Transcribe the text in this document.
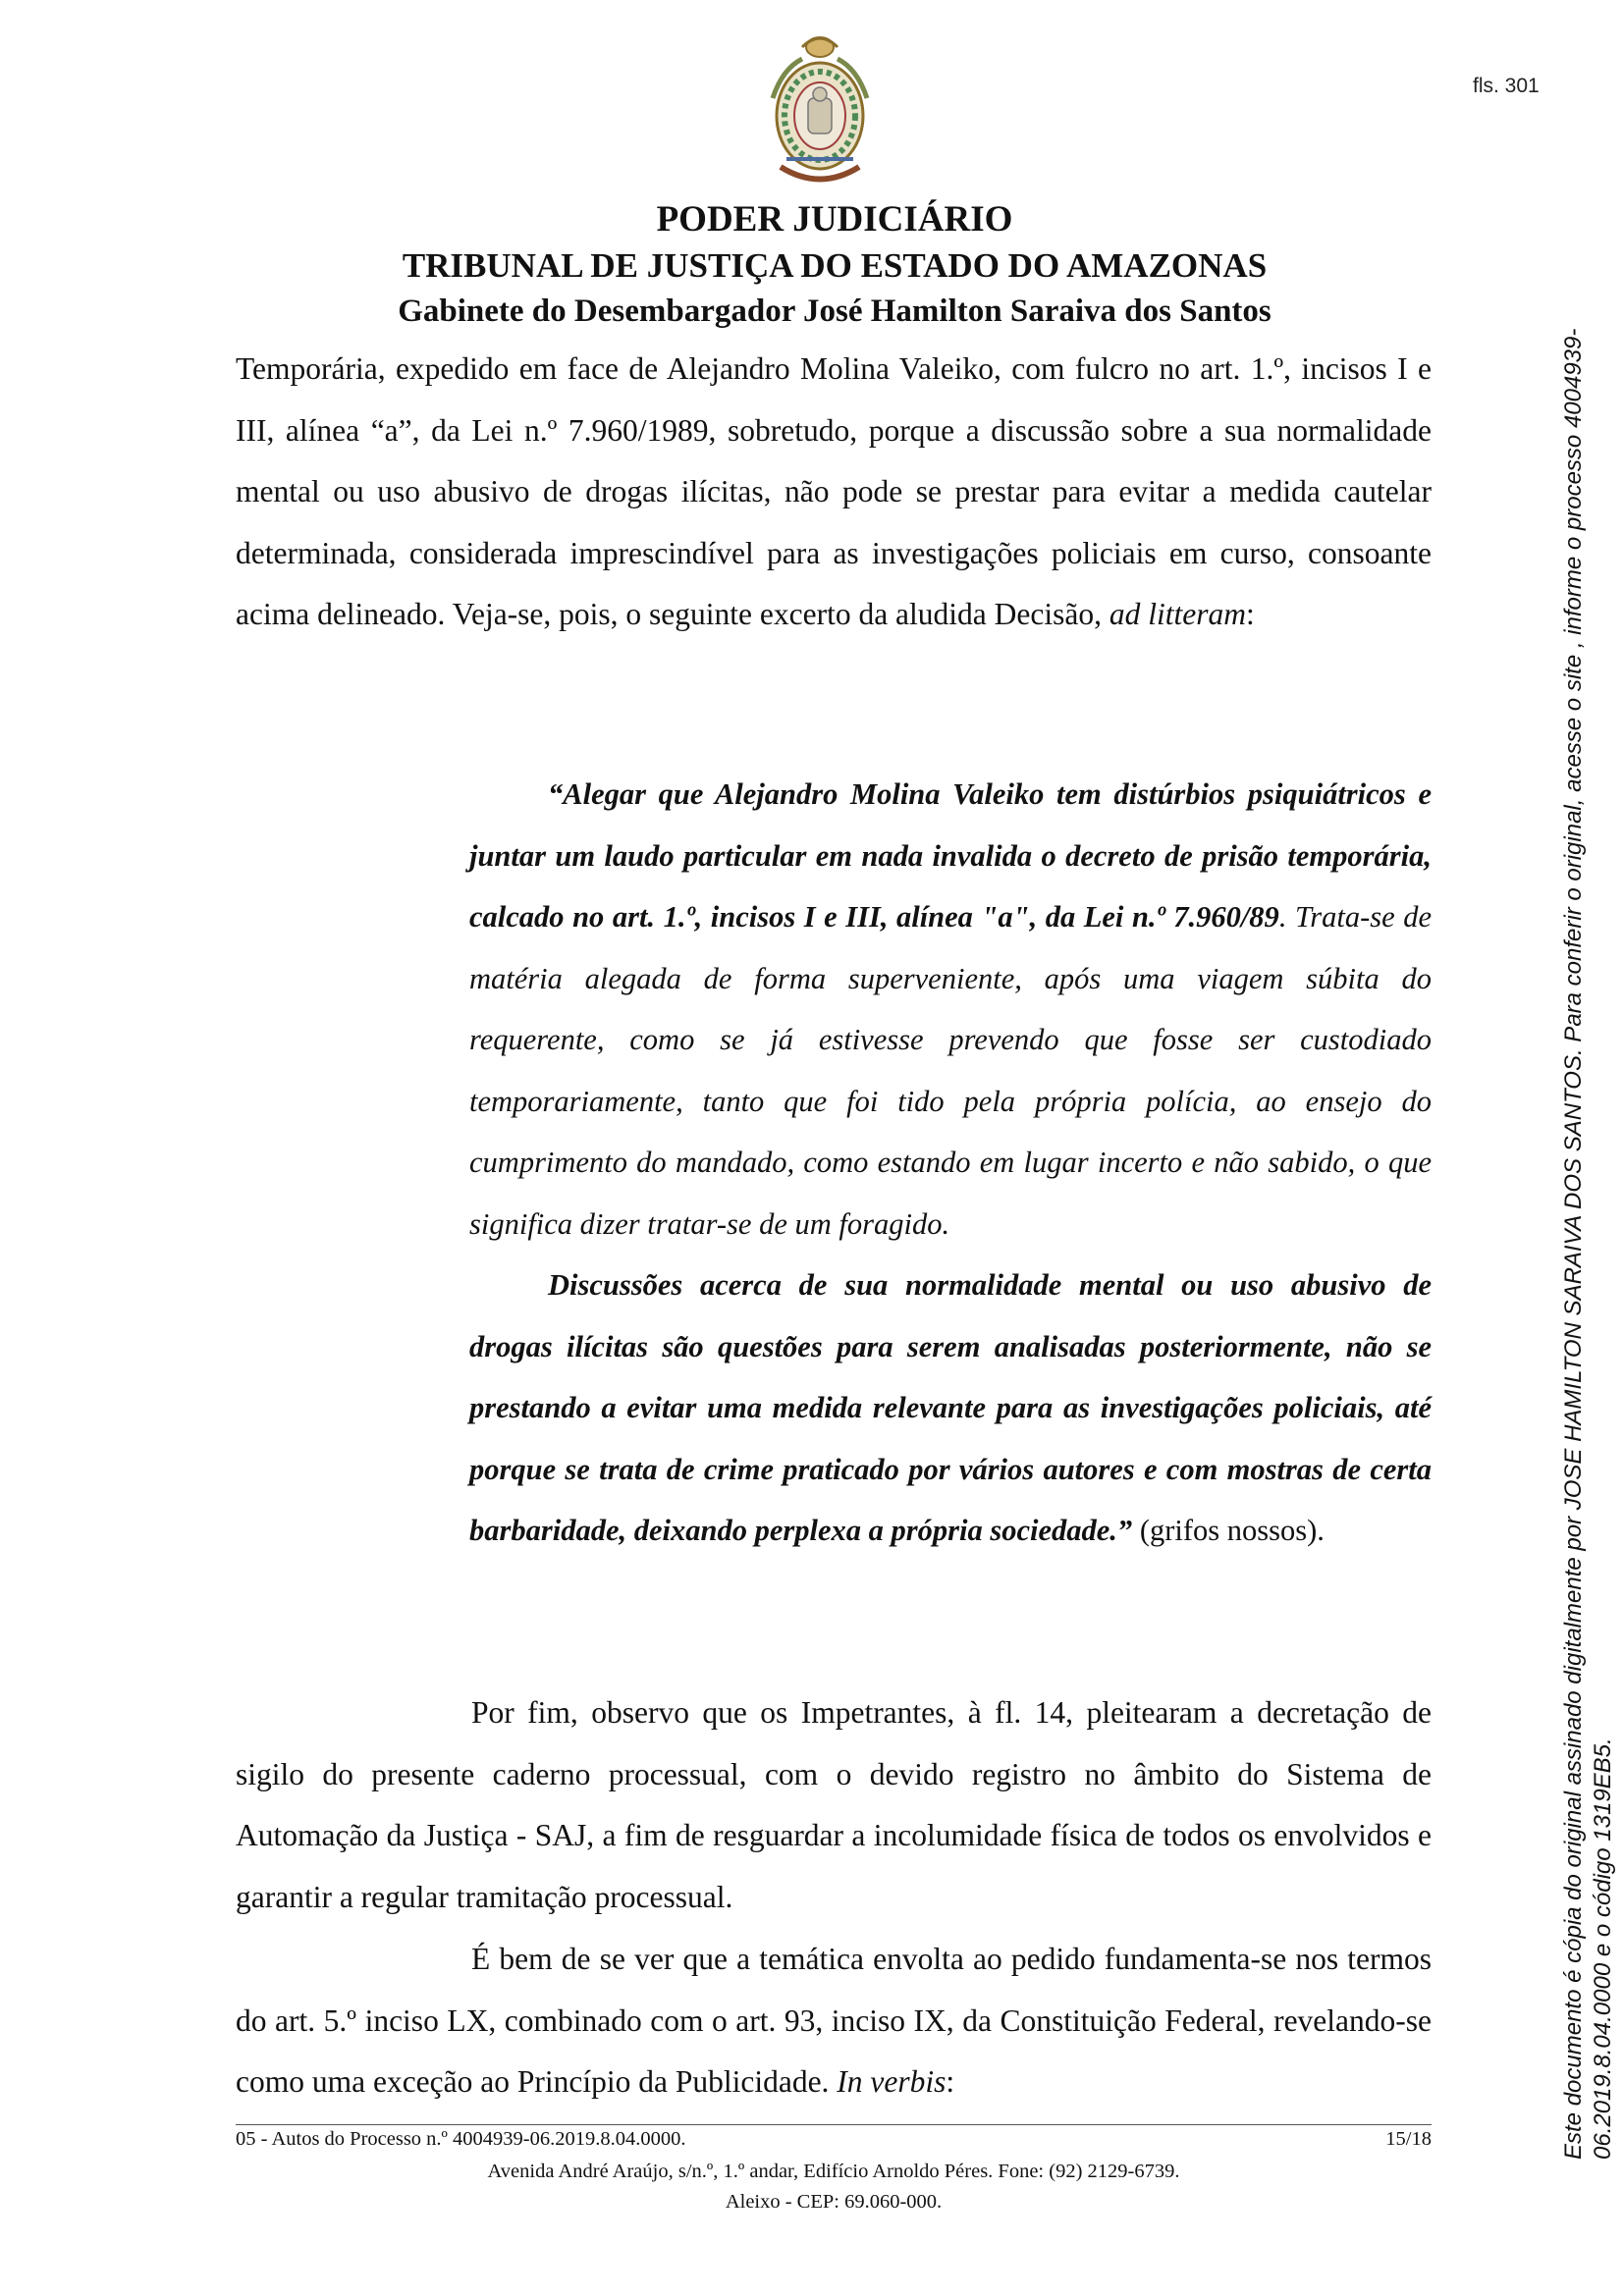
fls. 301
PODER JUDICIÁRIO
TRIBUNAL DE JUSTIÇA DO ESTADO DO AMAZONAS
Gabinete do Desembargador José Hamilton Saraiva dos Santos
Temporária, expedido em face de Alejandro Molina Valeiko, com fulcro no art. 1.º, incisos I e III, alínea “a”, da Lei n.º 7.960/1989, sobretudo, porque a discussão sobre a sua normalidade mental ou uso abusivo de drogas ilícitas, não pode se prestar para evitar a medida cautelar determinada, considerada imprescindível para as investigações policiais em curso, consoante acima delineado. Veja-se, pois, o seguinte excerto da aludida Decisão, ad litteram:
“Alegar que Alejandro Molina Valeiko tem distúrbios psiquiátricos e juntar um laudo particular em nada invalida o decreto de prisão temporária, calcado no art. 1.º, incisos I e III, alínea "a", da Lei n.º 7.960/89. Trata-se de matéria alegada de forma superveniente, após uma viagem súbita do requerente, como se já estivesse prevendo que fosse ser custodiado temporariamente, tanto que foi tido pela própria polícia, ao ensejo do cumprimento do mandado, como estando em lugar incerto e não sabido, o que significa dizer tratar-se de um foragido.
Discussões acerca de sua normalidade mental ou uso abusivo de drogas ilícitas são questões para serem analisadas posteriormente, não se prestando a evitar uma medida relevante para as investigações policiais, até porque se trata de crime praticado por vários autores e com mostras de certa barbaridade, deixando perplexa a própria sociedade.” (grifos nossos).
Por fim, observo que os Impetrantes, à fl. 14, pleitearam a decretação de sigilo do presente caderno processual, com o devido registro no âmbito do Sistema de Automação da Justiça - SAJ, a fim de resguardar a incolumidade física de todos os envolvidos e garantir a regular tramitação processual.
É bem de se ver que a temática envolta ao pedido fundamenta-se nos termos do art. 5.º inciso LX, combinado com o art. 93, inciso IX, da Constituição Federal, revelando-se como uma exceção ao Princípio da Publicidade. In verbis:
05 - Autos do Processo n.º 4004939-06.2019.8.04.0000.	15/18
Avenida André Araújo, s/n.º, 1.º andar, Edifício Arnoldo Péres. Fone: (92) 2129-6739.
Aleixo - CEP: 69.060-000.
Este documento é cópia do original assinado digitalmente por JOSE HAMILTON SARAIVA DOS SANTOS. Para conferir o original, acesse o site , informe o processo 4004939-06.2019.8.04.0000 e o código 1319EB5.
